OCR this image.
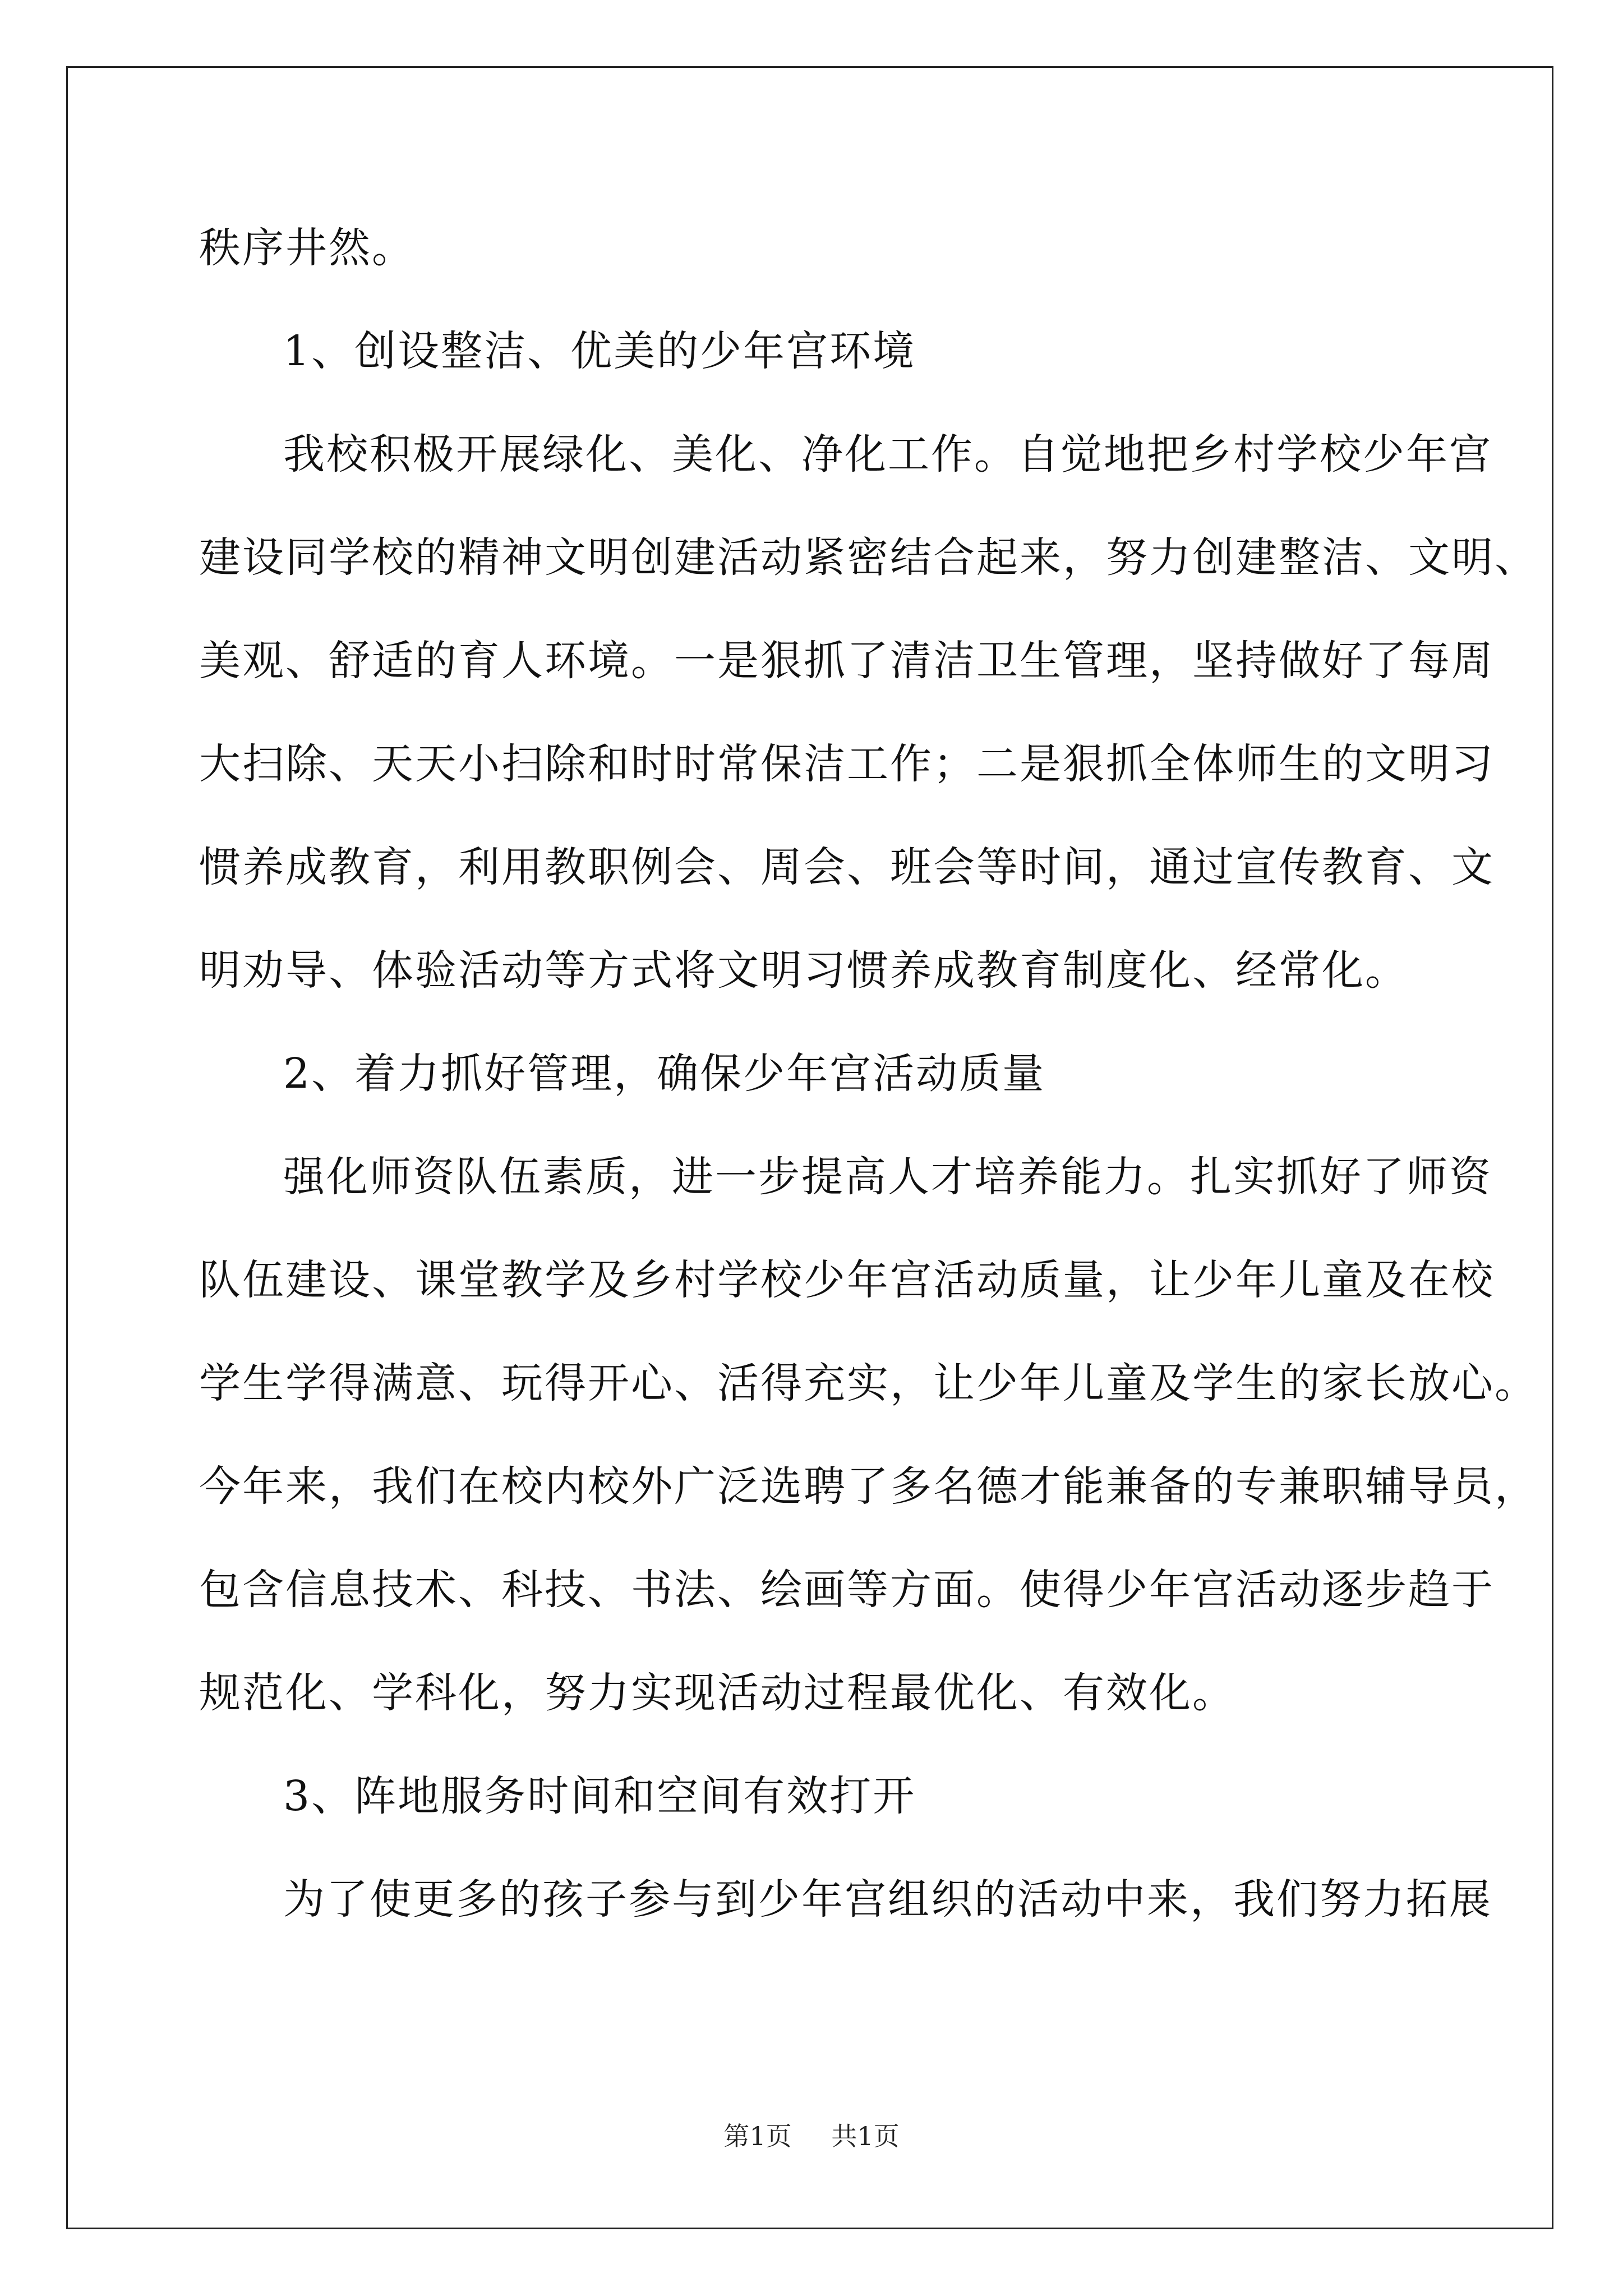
秩序井然。
1、创设整洁、优美的少年宫环境
我校积极开展绿化、美化、净化工作。自觉地把乡村学校少年宫
建设同学校的精神文明创建活动紧密结合起来，努力创建整洁、文明、
美观、舒适的育人环境。一是狠抓了清洁卫生管理，坚持做好了每周
大扫除、天天小扫除和时时常保洁工作；二是狠抓全体师生的文明习
惯养成教育，利用教职例会、周会、班会等时间，通过宣传教育、文
明劝导、体验活动等方式将文明习惯养成教育制度化、经常化。
2、着力抓好管理，确保少年宫活动质量
强化师资队伍素质，进一步提高人才培养能力。扎实抓好了师资
队伍建设、课堂教学及乡村学校少年宫活动质量，让少年儿童及在校
学生学得满意、玩得开心、活得充实，让少年儿童及学生的家长放心。
今年来，我们在校内校外广泛选聘了多名德才能兼备的专兼职辅导员，
包含信息技术、科技、书法、绘画等方面。使得少年宫活动逐步趋于
规范化、学科化，努力实现活动过程最优化、有效化。
3、阵地服务时间和空间有效打开
为了使更多的孩子参与到少年宫组织的活动中来，我们努力拓展
第1页 共1页
